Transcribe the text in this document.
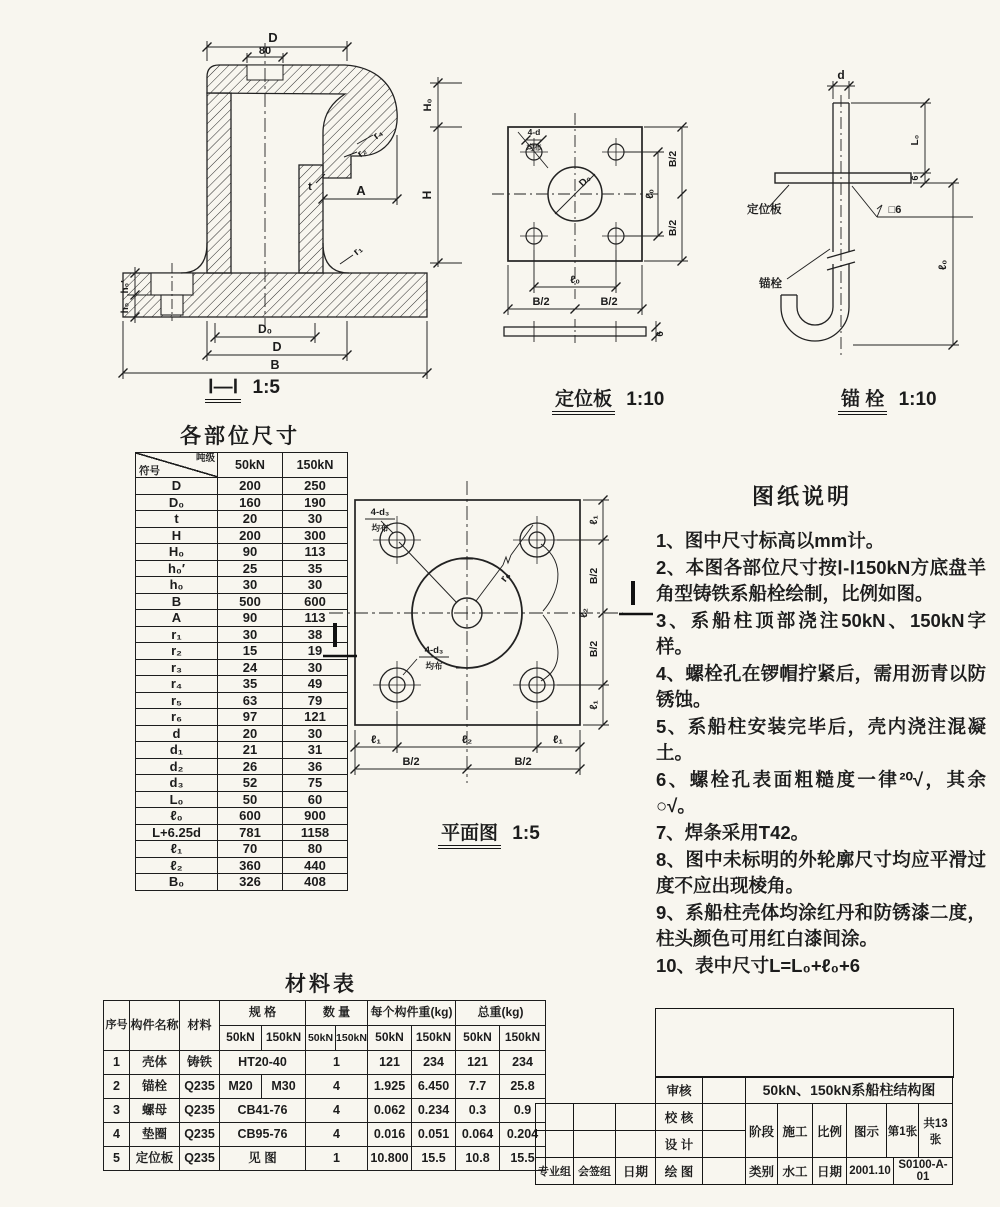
D
80
A
t
r₄
r₂
r₁
h₀′
h₀
D₀
D
B
Ⅰ—Ⅰ 1:5
H₀
H	ℓ₀
B/2
B/2
ℓ₀
B/2	B/2
D₀
4-d
均布
6
定位板 1:10
d
L₀
6
□6
定位板
锚栓
ℓ₀
锚 栓 1:10
各部位尺寸
吨级
符号	50kN	150kN
D	200	250
D₀	160	190
t	20	30
H	200	300
H₀	90	113
h₀′	25	35
h₀	30	30
B	500	600
A	90	113
r₁	30	38
r₂	15	19
r₃	24	30
r₄	35	49
r₅	63	79
r₆	97	121
d	20	30
d₁	21	31
d₂	26	36
d₃	52	75
L₀	50	60
ℓ₀	600	900
L+6.25d	781	1158
ℓ₁	70	80
ℓ₂	360	440
B₀	326	408
4-d₃
均布
4-d₃
均布
r₆
ℓ₁
B/2
ℓ₂
B/2
ℓ₁
ℓ₁	ℓ₂	ℓ₁
B/2	B/2
平面图 1:5
图纸说明
1、图中尺寸标高以mm计。
2、本图各部位尺寸按Ⅰ-Ⅰ150kN方底盘羊角型铸铁系船栓绘制，比例如图。
3、系船柱顶部浇注50kN、150kN字样。
4、螺栓孔在锣帽拧紧后，需用沥青以防锈蚀。
5、系船柱安装完毕后，壳内浇注混凝土。
6、螺栓孔表面粗糙度一律²⁰√，其余○√。
7、焊条采用T42。
8、图中未标明的外轮廓尺寸均应平滑过度不应出现棱角。
9、系船柱壳体均涂红丹和防锈漆二度，柱头颜色可用红白漆间涂。
10、表中尺寸L=L₀+ℓ₀+6
材料表
序号	构件名称	材料	规 格		数 量		每个构件重(kg)		总重(kg)	
			50kN	150kN	50kN	150kN	50kN	150kN	50kN	150kN
1	壳体	铸铁	HT20-40		1		121	234	121	234
2	锚栓	Q235	M20	M30	4		1.925	6.450	7.7	25.8
3	螺母	Q235	CB41-76		4		0.062	0.234	0.3	0.9
4	垫圈	Q235	CB95-76		4		0.016	0.051	0.064	0.204
5	定位板	Q235	见 图		1		10.800	15.5	10.8	15.5
审核	
校 核	
设 计	
绘 图	
50kN、150kN系船柱结构图
阶段	施工	比例	图示	第1张	共13张
类别	水工	日期	2001.10	S0100-A-01

专业组	会签组	日期
